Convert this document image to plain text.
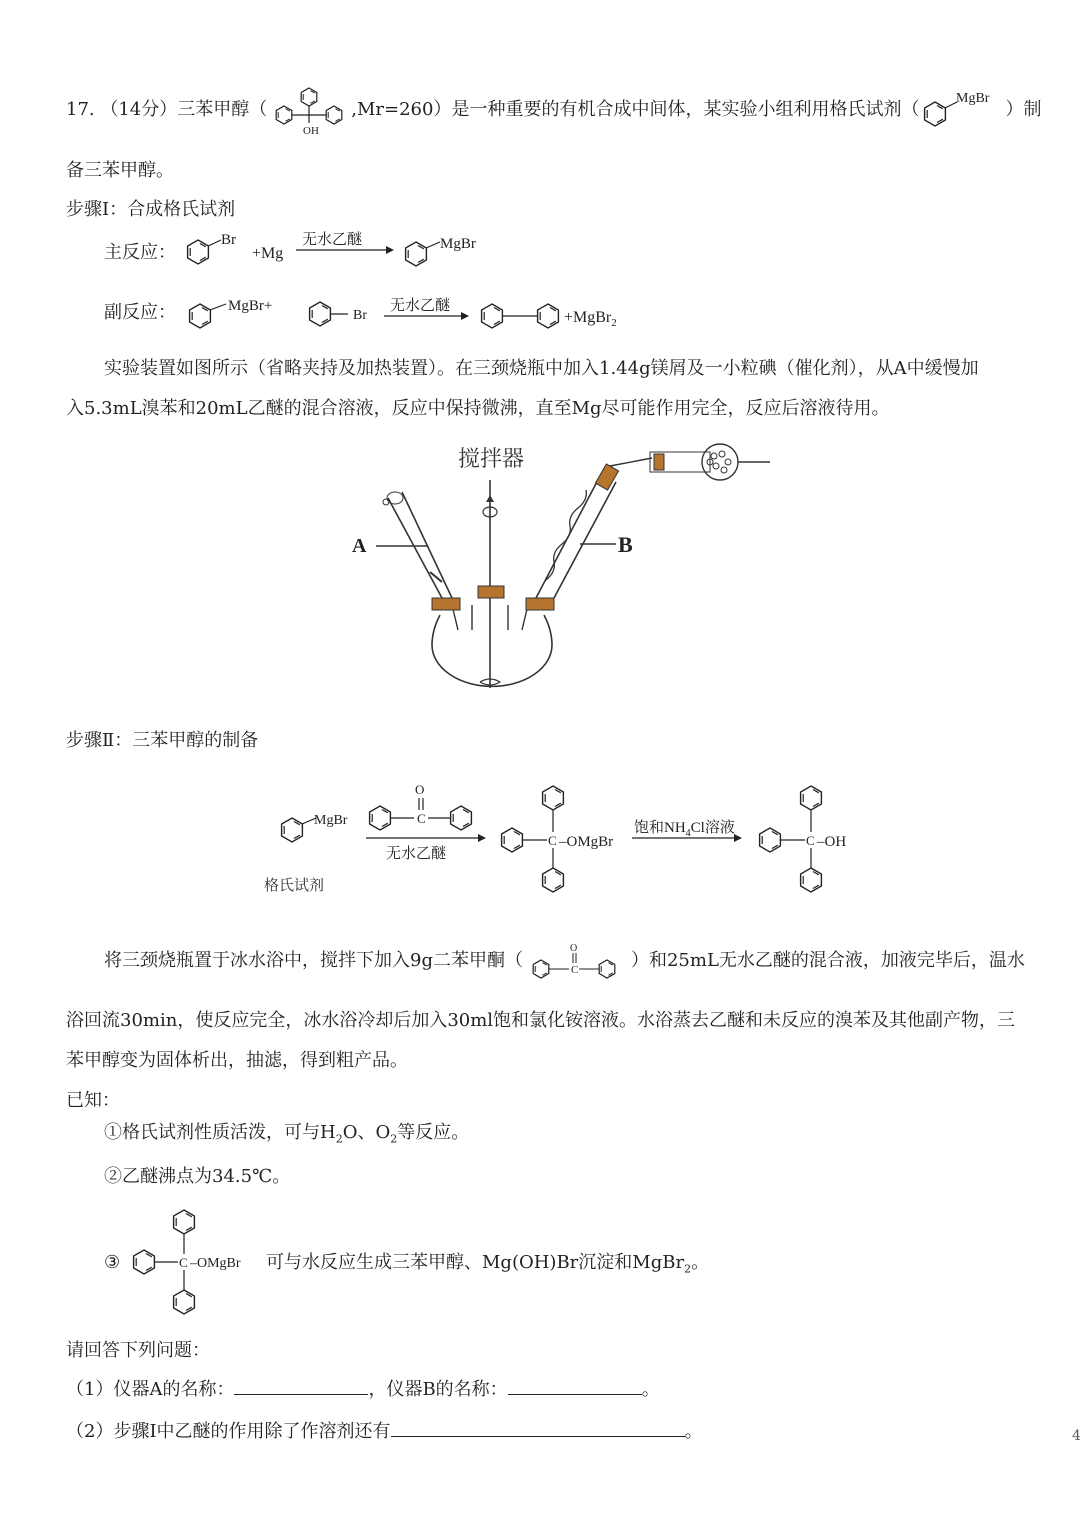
17. （14分）三苯甲醇（
OH
,Mr=260）是一种重要的有机合成中间体，某实验小组利用格氏试剂（
MgBr
）制
备三苯甲醇。
步骤Ⅰ：合成格氏试剂
主反应：
Br
+Mg
无水乙醚	MgBr
副反应：	MgBr+
Br
无水乙醚
+MgBr$_2$
实验装置如图所示（省略夹持及加热装置）。在三颈烧瓶中加入1.44g镁屑及一小粒碘（催化剂），从A中缓慢加
入5.3mL溴苯和20mL乙醚的混合溶液，反应中保持微沸，直至Mg尽可能作用完全，反应后溶液待用。
搅拌器
A	B
步骤Ⅱ：三苯甲醇的制备
MgBr
格氏试剂
C
O
无水乙醚
C –OMgBr
饱和$NH_4Cl$溶液
C –OH
将三颈烧瓶置于冰水浴中，搅拌下加入9g二苯甲酮（	C
O
）和25mL无水乙醚的混合液，加液完毕后，温水
浴回流30min，使反应完全，冰水浴冷却后加入30ml饱和氯化铵溶液。水浴蒸去乙醚和未反应的溴苯及其他副产物，三
苯甲醇变为固体析出，抽滤，得到粗产品。
已知：
①格氏试剂性质活泼，可与$H_2O$、$O_2$等反应。
②乙醚沸点为34.5℃。
③	C –OMgBr 可与水反应生成三苯甲醇、Mg(OH)Br沉淀和MgBr$_2$。
请回答下列问题：
（1）仪器A的名称：	，仪器B的名称：	。
（2）步骤Ⅰ中乙醚的作用除了作溶剂还有	。	4
